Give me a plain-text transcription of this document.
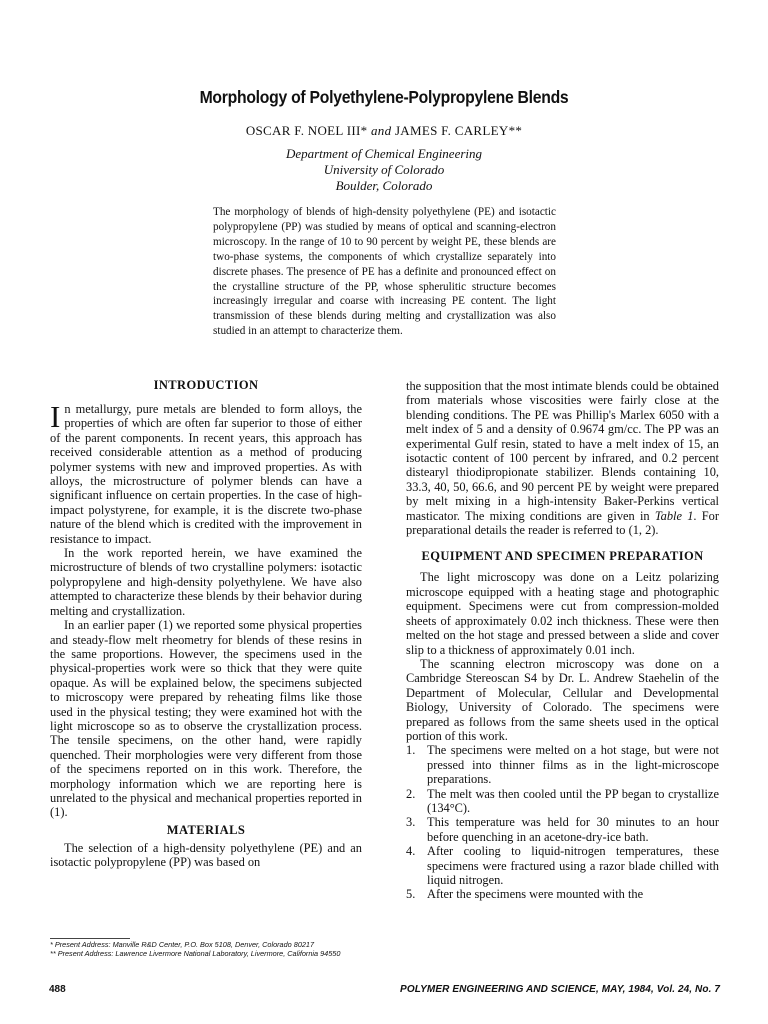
Morphology of Polyethylene-Polypropylene Blends
OSCAR F. NOEL III* and JAMES F. CARLEY**
Department of Chemical Engineering
University of Colorado
Boulder, Colorado
The morphology of blends of high-density polyethylene (PE) and isotactic polypropylene (PP) was studied by means of optical and scanning-electron microscopy. In the range of 10 to 90 percent by weight PE, these blends are two-phase systems, the components of which crystallize separately into discrete phases. The presence of PE has a definite and pronounced effect on the crystalline structure of the PP, whose spherulitic structure becomes increasingly irregular and coarse with increasing PE content. The light transmission of these blends during melting and crystallization was also studied in an attempt to characterize them.

INTRODUCTION

In metallurgy, pure metals are blended to form alloys, the properties of which are often far superior to those of either of the parent components. In recent years, this approach has received considerable attention as a method of producing polymer systems with new and improved properties. As with alloys, the microstructure of polymer blends can have a significant influence on certain properties. In the case of high-impact polystyrene, for example, it is the discrete two-phase nature of the blend which is credited with the improvement in resistance to impact.

In the work reported herein, we have examined the microstructure of blends of two crystalline polymers: isotactic polypropylene and high-density polyethylene. We have also attempted to characterize these blends by their behavior during melting and crystallization.

In an earlier paper (1) we reported some physical properties and steady-flow melt rheometry for blends of these resins in the same proportions. However, the specimens used in the physical-properties work were so thick that they were quite opaque. As will be explained below, the specimens subjected to microscopy were prepared by reheating films like those used in the physical testing; they were examined hot with the light microscope so as to observe the crystallization process. The tensile specimens, on the other hand, were rapidly quenched. Their morphologies were very different from those of the specimens reported on in this work. Therefore, the morphology information which we are reporting here is unrelated to the physical and mechanical properties reported in (1).

MATERIALS

The selection of a high-density polyethylene (PE) and an isotactic polypropylene (PP) was based on

the supposition that the most intimate blends could be obtained from materials whose viscosities were fairly close at the blending conditions. The PE was Phillip's Marlex 6050 with a melt index of 5 and a density of 0.9674 gm/cc. The PP was an experimental Gulf resin, stated to have a melt index of 15, an isotactic content of 100 percent by infrared, and 0.2 percent distearyl thiodipropionate stabilizer. Blends containing 10, 33.3, 40, 50, 66.6, and 90 percent PE by weight were prepared by melt mixing in a high-intensity Baker-Perkins vertical masticator. The mixing conditions are given in Table 1. For preparational details the reader is referred to (1, 2).

EQUIPMENT AND SPECIMEN PREPARATION

The light microscopy was done on a Leitz polarizing microscope equipped with a heating stage and photographic equipment. Specimens were cut from compression-molded sheets of approximately 0.02 inch thickness. These were then melted on the hot stage and pressed between a slide and cover slip to a thickness of approximately 0.01 inch.

The scanning electron microscopy was done on a Cambridge Stereoscan S4 by Dr. L. Andrew Staehelin of the Department of Molecular, Cellular and Developmental Biology, University of Colorado. The specimens were prepared as follows from the same sheets used in the optical portion of this work.

1. The specimens were melted on a hot stage, but were not pressed into thinner films as in the light-microscope preparations.
2. The melt was then cooled until the PP began to crystallize (134°C).
3. This temperature was held for 30 minutes to an hour before quenching in an acetone-dry-ice bath.
4. After cooling to liquid-nitrogen temperatures, these specimens were fractured using a razor blade chilled with liquid nitrogen.
5. After the specimens were mounted with the
* Present Address: Manville R&D Center, P.O. Box 5108, Denver, Colorado 80217
** Present Address: Lawrence Livermore National Laboratory, Livermore, California 94550
488	POLYMER ENGINEERING AND SCIENCE, MAY, 1984, Vol. 24, No. 7
